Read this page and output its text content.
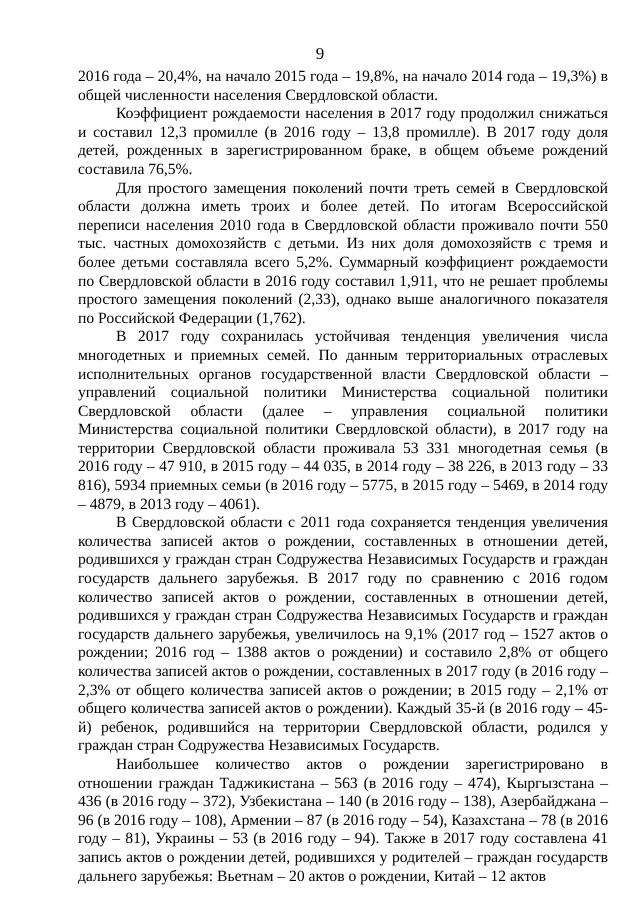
9

2016 года – 20,4%, на начало 2015 года – 19,8%, на начало 2014 года – 19,3%) в общей численности населения Свердловской области.

Коэффициент рождаемости населения в 2017 году продолжил снижаться и составил 12,3 промилле (в 2016 году – 13,8 промилле). В 2017 году доля детей, рожденных в зарегистрированном браке, в общем объеме рождений составила 76,5%.

Для простого замещения поколений почти треть семей в Свердловской области должна иметь троих и более детей. По итогам Всероссийской переписи населения 2010 года в Свердловской области проживало почти 550 тыс. частных домохозяйств с детьми. Из них доля домохозяйств с тремя и более детьми составляла всего 5,2%. Суммарный коэффициент рождаемости по Свердловской области в 2016 году составил 1,911, что не решает проблемы простого замещения поколений (2,33), однако выше аналогичного показателя по Российской Федерации (1,762).

В 2017 году сохранилась устойчивая тенденция увеличения числа многодетных и приемных семей. По данным территориальных отраслевых исполнительных органов государственной власти Свердловской области – управлений социальной политики Министерства социальной политики Свердловской области (далее – управления социальной политики Министерства социальной политики Свердловской области), в 2017 году на территории Свердловской области проживала 53 331 многодетная семья (в 2016 году – 47 910, в 2015 году – 44 035, в 2014 году – 38 226, в 2013 году – 33 816), 5934 приемных семьи (в 2016 году – 5775, в 2015 году – 5469, в 2014 году – 4879, в 2013 году – 4061).

В Свердловской области с 2011 года сохраняется тенденция увеличения количества записей актов о рождении, составленных в отношении детей, родившихся у граждан стран Содружества Независимых Государств и граждан государств дальнего зарубежья. В 2017 году по сравнению с 2016 годом количество записей актов о рождении, составленных в отношении детей, родившихся у граждан стран Содружества Независимых Государств и граждан государств дальнего зарубежья, увеличилось на 9,1% (2017 год – 1527 актов о рождении; 2016 год – 1388 актов о рождении) и составило 2,8% от общего количества записей актов о рождении, составленных в 2017 году (в 2016 году – 2,3% от общего количества записей актов о рождении; в 2015 году – 2,1% от общего количества записей актов о рождении). Каждый 35-й (в 2016 году – 45-й) ребенок, родившийся на территории Свердловской области, родился у граждан стран Содружества Независимых Государств.

Наибольшее количество актов о рождении зарегистрировано в отношении граждан Таджикистана – 563 (в 2016 году – 474), Кыргызстана – 436 (в 2016 году – 372), Узбекистана – 140 (в 2016 году – 138), Азербайджана – 96 (в 2016 году – 108), Армении – 87 (в 2016 году – 54), Казахстана – 78 (в 2016 году – 81), Украины – 53 (в 2016 году – 94). Также в 2017 году составлена 41 запись актов о рождении детей, родившихся у родителей – граждан государств дальнего зарубежья: Вьетнам – 20 актов о рождении, Китай – 12 актов
